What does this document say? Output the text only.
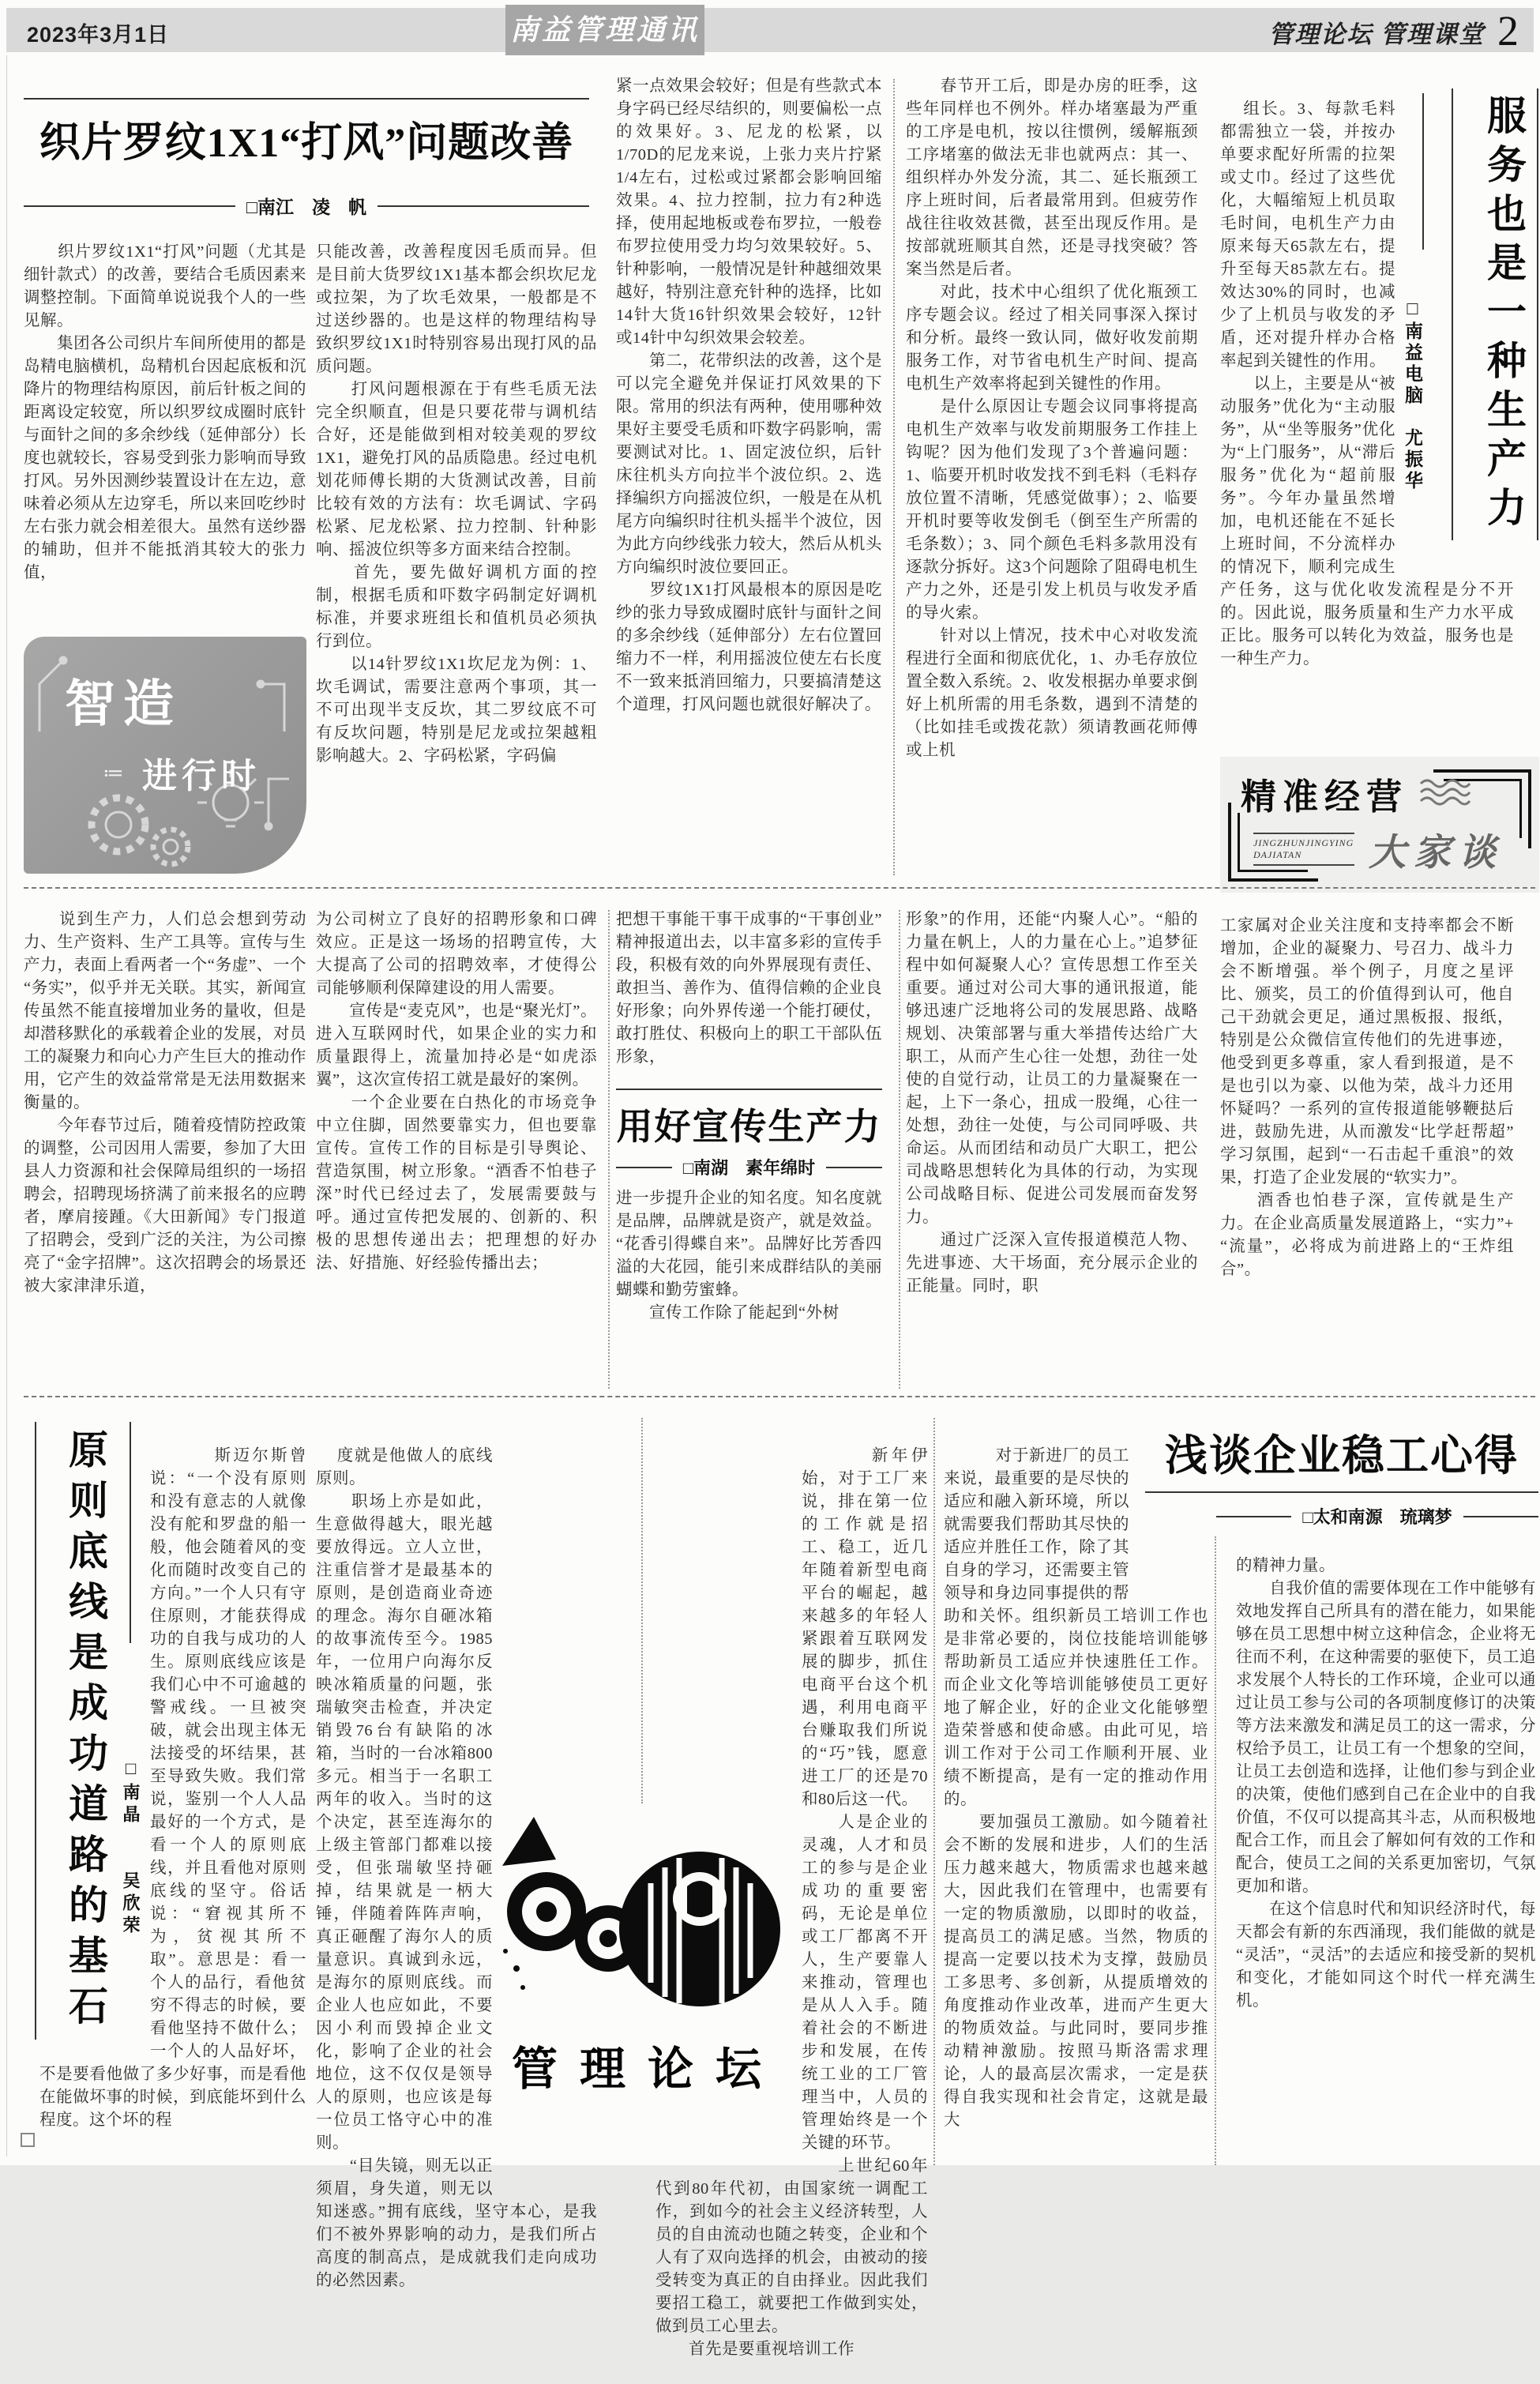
2023年3月1日	南益管理通讯	管理论坛 管理课堂 2
织片罗纹1X1“打风”问题改善
□南江　凌　帆
　　织片罗纹1X1“打风”问题（尤其是细针款式）的改善，要结合毛质因素来调整控制。下面简单说说我个人的一些见解。
　　集团各公司织片车间所使用的都是岛精电脑横机，岛精机台因起底板和沉降片的物理结构原因，前后针板之间的距离设定较宽，所以织罗纹成圈时底针与面针之间的多余纱线（延伸部分）长度也就较长，容易受到张力影响而导致打风。另外因测纱装置设计在左边，意味着必须从左边穿毛，所以来回吃纱时左右张力就会相差很大。虽然有送纱器的辅助，但并不能抵消其较大的张力值，
只能改善，改善程度因毛质而异。但是目前大货罗纹1X1基本都会织坎尼龙或拉架，为了坎毛效果，一般都是不过送纱器的。也是这样的物理结构导致织罗纹1X1时特别容易出现打风的品质问题。
　　打风问题根源在于有些毛质无法完全织顺直，但是只要花带与调机结合好，还是能做到相对较美观的罗纹1X1，避免打风的品质隐患。经过电机划花师傅长期的大货测试改善，目前比较有效的方法有：坎毛调试、字码松紧、尼龙松紧、拉力控制、针种影响、摇波位织等多方面来结合控制。
　　首先，要先做好调机方面的控制，根据毛质和吓数字码制定好调机标准，并要求班组长和值机员必须执行到位。
　　以14针罗纹1X1坎尼龙为例：1、坎毛调试，需要注意两个事项，其一不可出现半支反坎，其二罗纹底不可有反坎问题，特别是尼龙或拉架越粗影响越大。2、字码松紧，字码偏
紧一点效果会较好；但是有些款式本身字码已经尽结织的，则要偏松一点的效果好。3、尼龙的松紧，以1/70D的尼龙来说，上张力夹片拧紧1/4左右，过松或过紧都会影响回缩效果。4、拉力控制，拉力有2种选择，使用起地板或卷布罗拉，一般卷布罗拉使用受力均匀效果较好。5、针种影响，一般情况是针种越细效果越好，特别注意充针种的选择，比如14针大货16针织效果会较好，12针或14针中勾织效果会较差。
　　第二，花带织法的改善，这个是可以完全避免并保证打风效果的下限。常用的织法有两种，使用哪种效果好主要受毛质和吓数字码影响，需要测试对比。1、固定波位织，后针床往机头方向拉半个波位织。2、选择编织方向摇波位织，一般是在从机尾方向编织时往机头摇半个波位，因为此方向纱线张力较大，然后从机头方向编织时波位要回正。
　　罗纹1X1打风最根本的原因是吃纱的张力导致成圈时底针与面针之间的多余纱线（延伸部分）左右位置回缩力不一样，利用摇波位使左右长度不一致来抵消回缩力，只要搞清楚这个道理，打风问题也就很好解决了。
智造
≔ 进行时
　　春节开工后，即是办房的旺季，这些年同样也不例外。样办堵塞最为严重的工序是电机，按以往惯例，缓解瓶颈工序堵塞的做法无非也就两点：其一、组织样办外发分流，其二、延长瓶颈工序上班时间，后者最常用到。但疲劳作战往往收效甚微，甚至出现反作用。是按部就班顺其自然，还是寻找突破？答案当然是后者。
　　对此，技术中心组织了优化瓶颈工序专题会议。经过了相关同事深入探讨和分析。最终一致认同，做好收发前期服务工作，对节省电机生产时间、提高电机生产效率将起到关键性的作用。
　　是什么原因让专题会议同事将提高电机生产效率与收发前期服务工作挂上钩呢？因为他们发现了3个普遍问题：1、临要开机时收发找不到毛料（毛料存放位置不清晰，凭感觉做事）；2、临要开机时要等收发倒毛（倒至生产所需的毛条数）；3、同个颜色毛料多款用没有逐款分拆好。这3个问题除了阻碍电机生产力之外，还是引发上机员与收发矛盾的导火索。
　　针对以上情况，技术中心对收发流程进行全面和彻底优化，1、办毛存放位置全数入系统。2、收发根据办单要求倒好上机所需的用毛条数，遇到不清楚的（比如挂毛或拨花款）须请教画花师傅或上机

组长。3、每款毛料都需独立一袋，并按办单要求配好所需的拉架或丈巾。经过了这些优化，大幅缩短上机员取毛时间，电机生产力由原来每天65款左右，提升至每天85款左右。提效达30%的同时，也减少了上机员与收发的矛盾，还对提升样办合格率起到关键性的作用。
　　以上，主要是从“被动服务”优化为“主动服务”，从“坐等服务”优化为“上门服务”，从“滞后服务”优化为“超前服务”。今年办量虽然增加，电机还能在不延长上班时间，不分流样办的情况下，顺利完成生产任务，这与优化收发流程是分不开的。因此说，服务质量和生产力水平成正比。服务可以转化为效益，服务也是一种生产力。

□南益电脑　尤振华	服务也是一种生产力
精准经营
JINGZHUNJINGYING
DAJIATAN	大家谈
　　说到生产力，人们总会想到劳动力、生产资料、生产工具等。宣传与生产力，表面上看两者一个“务虚”、一个“务实”，似乎并无关联。其实，新闻宣传虽然不能直接增加业务的量收，但是却潜移默化的承载着企业的发展，对员工的凝聚力和向心力产生巨大的推动作用，它产生的效益常常是无法用数据来衡量的。
　　今年春节过后，随着疫情防控政策的调整，公司因用人需要，参加了大田县人力资源和社会保障局组织的一场招聘会，招聘现场挤满了前来报名的应聘者，摩肩接踵。《大田新闻》专门报道了招聘会，受到广泛的关注，为公司擦亮了“金字招牌”。这次招聘会的场景还被大家津津乐道，
为公司树立了良好的招聘形象和口碑效应。正是这一场场的招聘宣传，大大提高了公司的招聘效率，才使得公司能够顺利保障建设的用人需要。
　　宣传是“麦克风”，也是“聚光灯”。进入互联网时代，如果企业的实力和质量跟得上，流量加持必是“如虎添翼”，这次宣传招工就是最好的案例。
　　一个企业要在白热化的市场竞争中立住脚，固然要靠实力，但也要靠宣传。宣传工作的目标是引导舆论、营造氛围，树立形象。“酒香不怕巷子深”时代已经过去了，发展需要鼓与呼。通过宣传把发展的、创新的、积极的思想传递出去；把理想的好办法、好措施、好经验传播出去；
把想干事能干事干成事的“干事创业”精神报道出去，以丰富多彩的宣传手段，积极有效的向外界展现有责任、敢担当、善作为、值得信赖的企业良好形象；向外界传递一个能打硬仗，敢打胜仗、积极向上的职工干部队伍形象，
用好宣传生产力
□南湖　素年绵时
进一步提升企业的知名度。知名度就是品牌，品牌就是资产，就是效益。“花香引得蝶自来”。品牌好比芳香四溢的大花园，能引来成群结队的美丽蝴蝶和勤劳蜜蜂。
　　宣传工作除了能起到“外树
形象”的作用，还能“内聚人心”。“船的力量在帆上，人的力量在心上。”追梦征程中如何凝聚人心？宣传思想工作至关重要。通过对公司大事的通讯报道，能够迅速广泛地将公司的发展思路、战略规划、决策部署与重大举措传达给广大职工，从而产生心往一处想，劲往一处使的自觉行动，让员工的力量凝聚在一起，上下一条心，扭成一股绳，心往一处想，劲往一处使，与公司同呼吸、共命运。从而团结和动员广大职工，把公司战略思想转化为具体的行动，为实现公司战略目标、促进公司发展而奋发努力。
　　通过广泛深入宣传报道模范人物、先进事迹、大干场面，充分展示企业的正能量。同时，职
工家属对企业关注度和支持率都会不断增加，企业的凝聚力、号召力、战斗力会不断增强。举个例子，月度之星评比、颁奖，员工的价值得到认可，他自己干劲就会更足，通过黑板报、报纸，特别是公众微信宣传他们的先进事迹，他受到更多尊重，家人看到报道，是不是也引以为豪、以他为荣，战斗力还用怀疑吗？一系列的宣传报道能够鞭挞后进，鼓励先进，从而激发“比学赶帮超”学习氛围，起到“一石击起千重浪”的效果，打造了企业发展的“软实力”。
　　酒香也怕巷子深，宣传就是生产力。在企业高质量发展道路上，“实力”+“流量”，必将成为前进路上的“王炸组合”。
原则底线是成功道路的基石 □南晶　　吴欣荣

　　斯迈尔斯曾说：“一个没有原则和没有意志的人就像没有舵和罗盘的船一般，他会随着风的变化而随时改变自己的方向。”一个人只有守住原则，才能获得成功的自我与成功的人生。原则底线应该是我们心中不可逾越的警戒线。一旦被突破，就会出现主体无法接受的坏结果，甚至导致失败。我们常说，鉴别一个人人品最好的一个方式，是看一个人的原则底线，并且看他对原则底线的坚守。俗话说：“窘视其所不为，贫视其所不取”。意思是：看一个人的品行，看他贫穷不得志的时候，要看他坚持不做什么；一个人的人品好坏，不是要看他做了多少好事，而是看他在能做坏事的时候，到底能坏到什么程度。这个坏的程

度就是他做人的底线原则。
　　职场上亦是如此，生意做得越大，眼光越要放得远。立人立世，注重信誉才是最基本的原则，是创造商业奇迹的理念。海尔自砸冰箱的故事流传至今。1985年，一位用户向海尔反映冰箱质量的问题，张瑞敏突击检查，并决定销毁76台有缺陷的冰箱，当时的一台冰箱800多元。相当于一名职工两年的收入。当时的这个决定，甚至连海尔的上级主管部门都难以接受，但张瑞敏坚持砸掉，结果就是一柄大锤，伴随着阵阵声响，真正砸醒了海尔人的质量意识。真诚到永远，是海尔的原则底线。而企业人也应如此，不要因小利而毁掉企业文化，影响了企业的社会地位，这不仅仅是领导人的原则，也应该是每一位员工恪守心中的准则。
　　“目失镜，则无以正须眉，身失道，则无以知迷惑。”拥有底线，坚守本心，是我们不被外界影响的动力，是我们所占高度的制高点，是成就我们走向成功的必然因素。

管理论坛

　　新年伊始，对于工厂来说，排在第一位的工作就是招工、稳工，近几年随着新型电商平台的崛起，越来越多的年轻人紧跟着互联网发展的脚步，抓住电商平台这个机遇，利用电商平台赚取我们所说的“巧”钱，愿意进工厂的还是70和80后这一代。
　　人是企业的灵魂，人才和员工的参与是企业成功的重要密码，无论是单位或工厂都离不开人，生产要靠人来推动，管理也是从人入手。随着社会的不断进步和发展，在传统工业的工厂管理当中，人员的管理始终是一个关键的环节。
　　上世纪60年代到80年代初，由国家统一调配工作，到如今的社会主义经济转型，人员的自由流动也随之转变，企业和个人有了双向选择的机会，由被动的接受转变为真正的自由择业。因此我们要招工稳工，就要把工作做到实处，做到员工心里去。
　　首先是要重视培训工作

　　对于新进厂的员工来说，最重要的是尽快的适应和融入新环境，所以就需要我们帮助其尽快的适应并胜任工作，除了其自身的学习，还需要主管领导和身边同事提供的帮助和关怀。组织新员工培训工作也是非常必要的，岗位技能培训能够帮助新员工适应并快速胜任工作。而企业文化等培训能够使员工更好地了解企业，好的企业文化能够塑造荣誉感和使命感。由此可见，培训工作对于公司工作顺利开展、业绩不断提高，是有一定的推动作用的。
　　要加强员工激励。如今随着社会不断的发展和进步，人们的生活压力越来越大，物质需求也越来越大，因此我们在管理中，也需要有一定的物质激励，以即时的收益，提高员工的满足感。当然，物质的提高一定要以技术为支撑，鼓励员工多思考、多创新，从提质增效的角度推动作业改革，进而产生更大的物质效益。与此同时，要同步推动精神激励。按照马斯洛需求理论，人的最高层次需求，一定是获得自我实现和社会肯定，这就是最大

浅谈企业稳工心得
□太和南源　琉璃梦
的精神力量。
　　自我价值的需要体现在工作中能够有效地发挥自己所具有的潜在能力，如果能够在员工思想中树立这种信念，企业将无往而不利，在这种需要的驱使下，员工追求发展个人特长的工作环境，企业可以通过让员工参与公司的各项制度修订的决策等方法来激发和满足员工的这一需求，分权给予员工，让员工有一个想象的空间，让员工去创造和选择，让他们参与到企业的决策，使他们感到自己在企业中的自我价值，不仅可以提高其斗志，从而积极地配合工作，而且会了解如何有效的工作和配合，使员工之间的关系更加密切，气氛更加和谐。
　　在这个信息时代和知识经济时代，每天都会有新的东西涌现，我们能做的就是“灵活”，“灵活”的去适应和接受新的契机和变化，才能如同这个时代一样充满生机。
